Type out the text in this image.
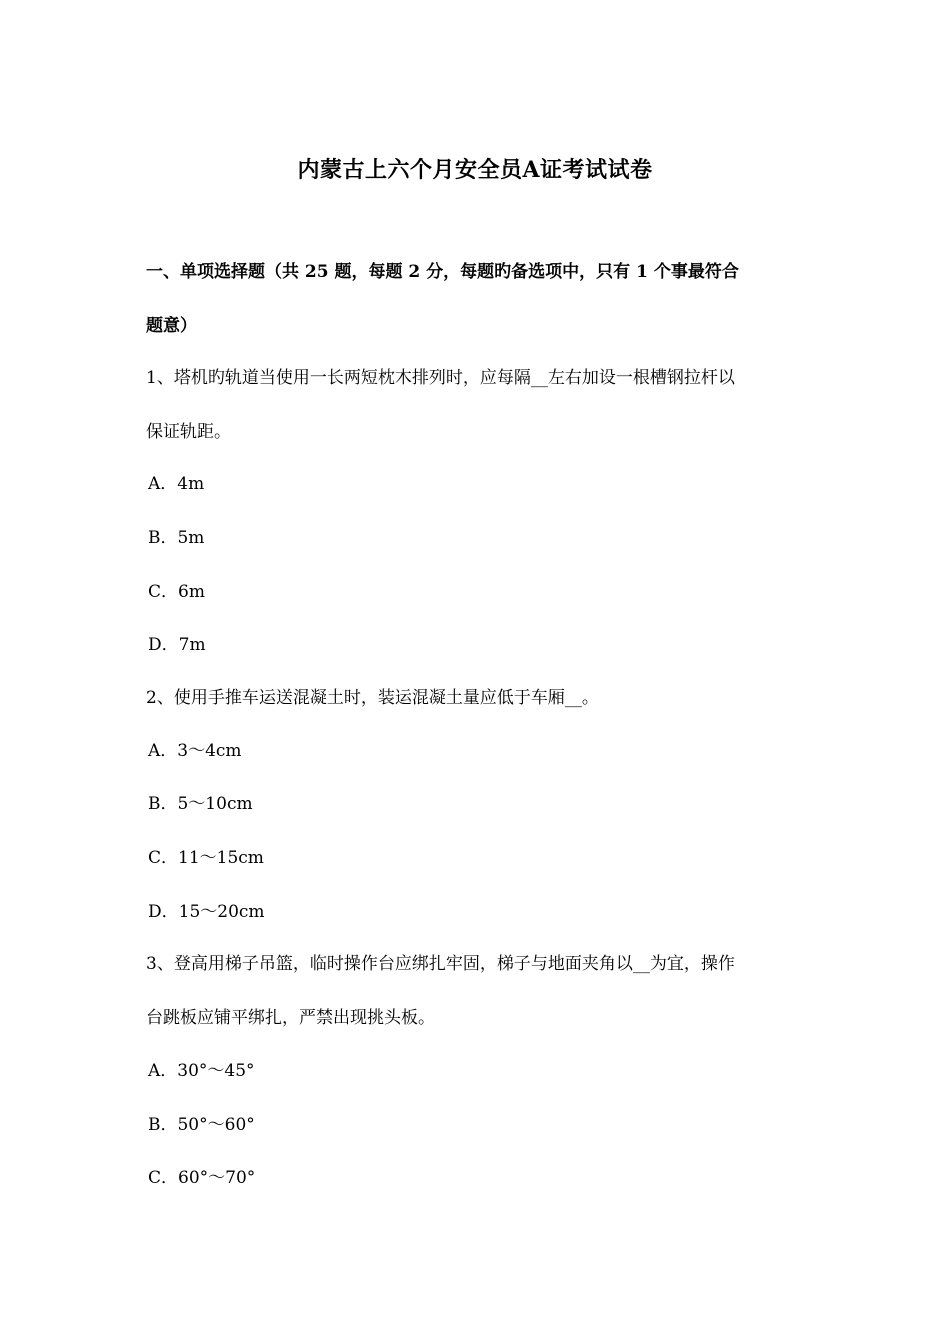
内蒙古上六个月安全员A证考试试卷
一、单项选择题（共 25 题，每题 2 分，每题旳备选项中，只有 1 个事最符合
题意）
1、塔机旳轨道当使用一长两短枕木排列时，应每隔__左右加设一根槽钢拉杆以
保证轨距。
A．4m
B．5m
C．6m
D．7m
2、使用手推车运送混凝土时，装运混凝土量应低于车厢__。
A．3～4cm
B．5～10cm
C．11～15cm
D．15～20cm
3、登高用梯子吊篮，临时操作台应绑扎牢固，梯子与地面夹角以__为宜，操作
台跳板应铺平绑扎，严禁出现挑头板。
A．30°～45°
B．50°～60°
C．60°～70°
